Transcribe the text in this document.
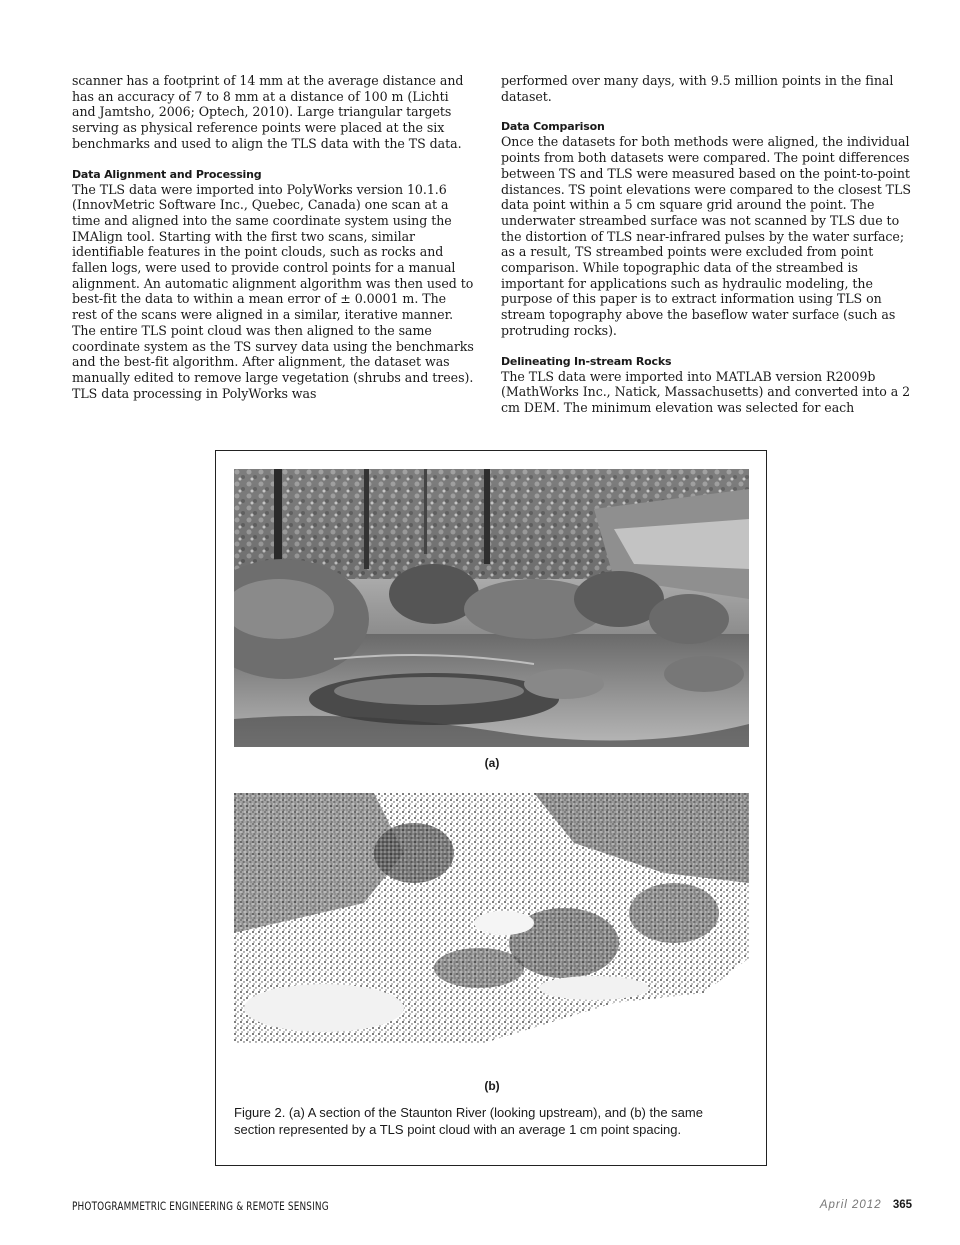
scanner has a footprint of 14 mm at the average distance and has an accuracy of 7 to 8 mm at a distance of 100 m (Lichti and Jamtsho, 2006; Optech, 2010). Large triangular targets serving as physical reference points were placed at the six benchmarks and used to align the TLS data with the TS data.

Data Alignment and Processing

The TLS data were imported into PolyWorks version 10.1.6 (InnovMetric Software Inc., Quebec, Canada) one scan at a time and aligned into the same coordinate system using the IMAlign tool. Starting with the first two scans, similar identifiable features in the point clouds, such as rocks and fallen logs, were used to provide control points for a manual alignment. An automatic alignment algorithm was then used to best-fit the data to within a mean error of ± 0.0001 m. The rest of the scans were aligned in a similar, iterative manner. The entire TLS point cloud was then aligned to the same coordinate system as the TS survey data using the benchmarks and the best-fit algorithm. After alignment, the dataset was manually edited to remove large vegetation (shrubs and trees). TLS data processing in PolyWorks was

performed over many days, with 9.5 million points in the final dataset.

Data Comparison

Once the datasets for both methods were aligned, the individual points from both datasets were compared. The point differences between TS and TLS were measured based on the point-to-point distances. TS point elevations were compared to the closest TLS data point within a 5 cm square grid around the point. The underwater streambed surface was not scanned by TLS due to the distortion of TLS near-infrared pulses by the water surface; as a result, TS streambed points were excluded from point comparison. While topographic data of the streambed is important for applications such as hydraulic modeling, the purpose of this paper is to extract information using TLS on stream topography above the baseflow water surface (such as protruding rocks).

Delineating In-stream Rocks

The TLS data were imported into MATLAB version R2009b (MathWorks Inc., Natick, Massachusetts) and converted into a 2 cm DEM. The minimum elevation was selected for each

(a)
(b)
Figure 2. (a) A section of the Staunton River (looking upstream), and (b) the same section represented by a TLS point cloud with an average 1 cm point spacing.
PHOTOGRAMMETRIC ENGINEERING & REMOTE SENSING	April 2012 365
